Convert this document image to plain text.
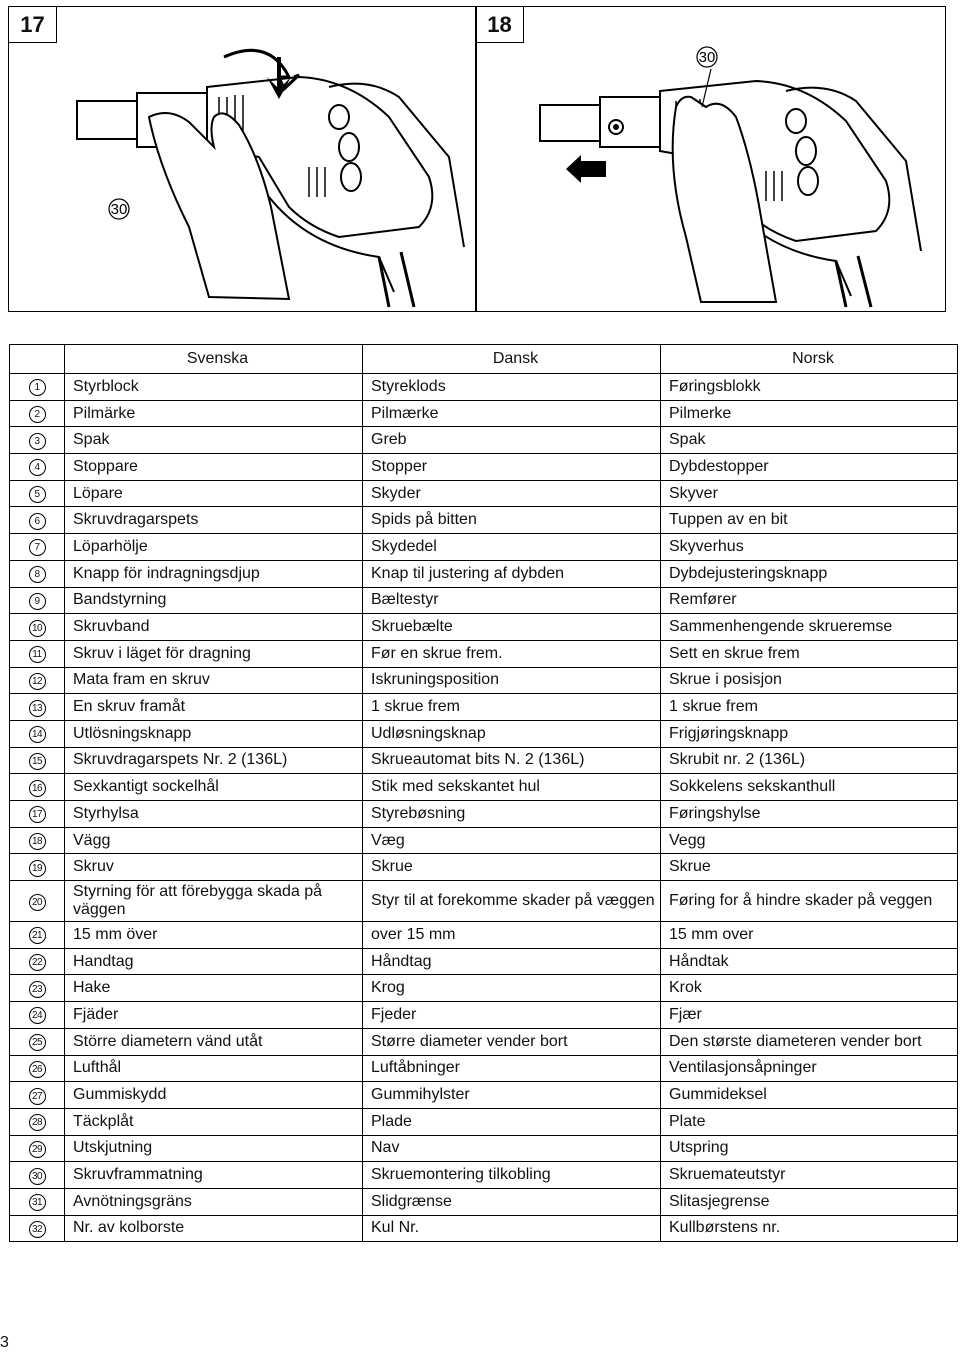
17
30
18
30
	Svenska	Dansk	Norsk
1	Styrblock	Styreklods	Føringsblokk
2	Pilmärke	Pilmærke	Pilmerke
3	Spak	Greb	Spak
4	Stoppare	Stopper	Dybdestopper
5	Löpare	Skyder	Skyver
6	Skruvdragarspets	Spids på bitten	Tuppen av en bit
7	Löparhölje	Skydedel	Skyverhus
8	Knapp för indragningsdjup	Knap til justering af dybden	Dybdejusteringsknapp
9	Bandstyrning	Bæltestyr	Remfører
10	Skruvband	Skruebælte	Sammenhengende skrueremse
11	Skruv i läget för dragning	Før en skrue frem.	Sett en skrue frem
12	Mata fram en skruv	Iskruningsposition	Skrue i posisjon
13	En skruv framåt	1 skrue frem	1 skrue frem
14	Utlösningsknapp	Udløsningsknap	Frigjøringsknapp
15	Skruvdragarspets Nr. 2 (136L)	Skrueautomat bits N. 2 (136L)	Skrubit nr. 2 (136L)
16	Sexkantigt sockelhål	Stik med sekskantet hul	Sokkelens sekskanthull
17	Styrhylsa	Styrebøsning	Føringshylse
18	Vägg	Væg	Vegg
19	Skruv	Skrue	Skrue
20	Styrning för att förebygga skada på väggen	Styr til at forekomme skader på væggen	Føring for å hindre skader på veggen
21	15 mm över	over 15 mm	15 mm over
22	Handtag	Håndtag	Håndtak
23	Hake	Krog	Krok
24	Fjäder	Fjeder	Fjær
25	Större diametern vänd utåt	Større diameter vender bort	Den største diameteren vender bort
26	Lufthål	Luftåbninger	Ventilasjonsåpninger
27	Gummiskydd	Gummihylster	Gummideksel
28	Täckplåt	Plade	Plate
29	Utskjutning	Nav	Utspring
30	Skruvframmatning	Skruemontering tilkobling	Skruemateutstyr
31	Avnötningsgräns	Slidgrænse	Slitasjegrense
32	Nr. av kolborste	Kul Nr.	Kullbørstens nr.
3
